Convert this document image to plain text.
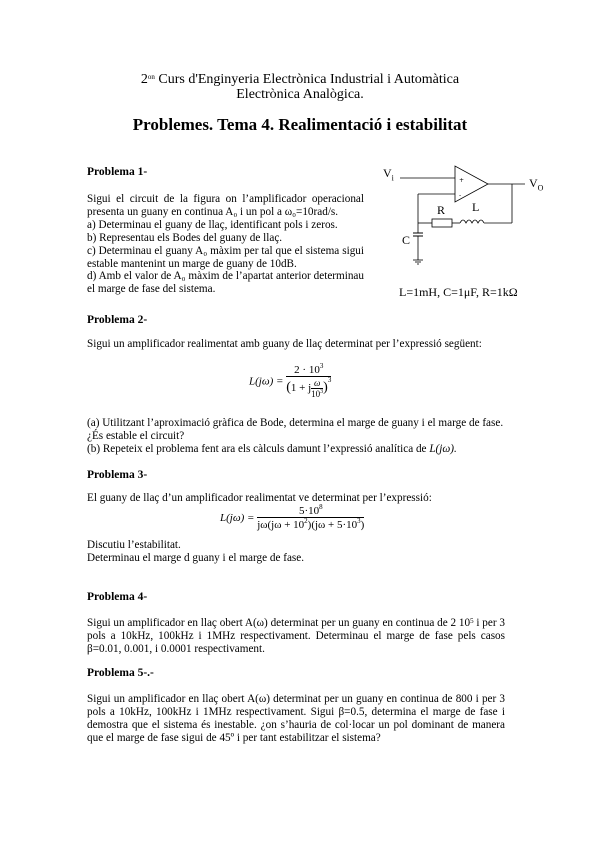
$2^{on}$ Curs d'Enginyeria Electrònica Industrial i Automàtica
Electrònica Analògica.
Problemes. Tema 4. Realimentació i estabilitat
Problema 1-
Sigui el circuit de la figura on l’amplificador operacional presenta un guany en continua A₀ i un pol a ω₀=10rad/s.
a) Determinau el guany de llaç, identificant pols i zeros.
b) Representau els Bodes del guany de llaç.
c) Determinau el guany A₀ màxim per tal que el sistema sigui estable mantenint un marge de guany de 10dB.
d) Amb el valor de A₀ màxim de l’apartat anterior determinau el marge de fase del sistema.
+
-
$V_i$	$V_O$
R L
C
L=1mH, C=1μF, R=1kΩ
Problema 2-
Sigui un amplificador realimentat amb guany de llaç determinat per l’expressió següent:
$L(j\omega) = \frac{2 \cdot 10^3}{(1 + j \frac{\omega}{10^3} )^3}$
(a) Utilitzant l’aproximació gràfica de Bode, determina el marge de guany i el marge de fase.
¿És estable el circuit?
(b) Repeteix el problema fent ara els càlculs damunt l’expressió analítica de L(jω).
Problema 3-
El guany de llaç d’un amplificador realimentat ve determinat per l’expressió:
$L(j\omega) = \frac{5\cdot 10^8}{j\omega(j\omega + 10^2)(j\omega + 5\cdot 10^3)}$
Discutiu l’estabilitat.
Determinau el marge d guany i el marge de fase.
Problema 4-
Sigui un amplificador en llaç obert A(ω) determinat per un guany en continua de 2 $10^5$ i per 3 pols a 10kHz, 100kHz i 1MHz respectivament. Determinau el marge de fase pels casos β=0.01, 0.001, i 0.0001 respectivament.
Problema 5-.-
Sigui un amplificador en llaç obert A(ω) determinat per un guany en continua de 800 i per 3 pols a 10kHz, 100kHz i 1MHz respectivament. Sigui β=0.5, determina el marge de fase i demostra que el sistema és inestable. ¿on s’hauria de col·locar un pol dominant de manera que el marge de fase sigui de 45º i per tant estabilitzar el sistema?
